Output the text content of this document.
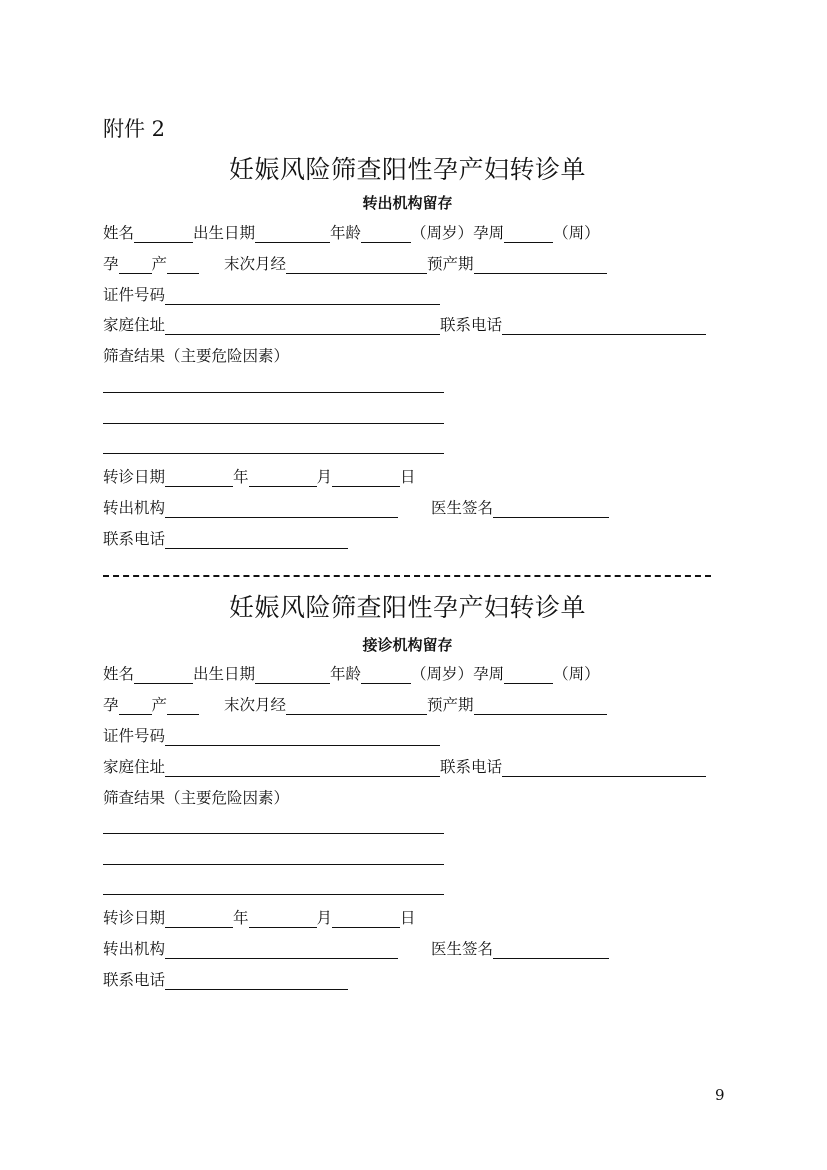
附件 2
妊娠风险筛查阳性孕产妇转诊单
转出机构留存
姓名	出生日期	年龄	（周岁）孕周	（周）
孕 产	末次月经	预产期
证件号码
家庭住址	联系电话
筛查结果（主要危险因素）
转诊日期	年	月	日
转出机构	医生签名
联系电话
妊娠风险筛查阳性孕产妇转诊单
接诊机构留存
姓名	出生日期	年龄	（周岁）孕周	（周）
孕 产	末次月经	预产期
证件号码
家庭住址	联系电话
筛查结果（主要危险因素）
转诊日期	年	月	日
转出机构	医生签名
联系电话
9
